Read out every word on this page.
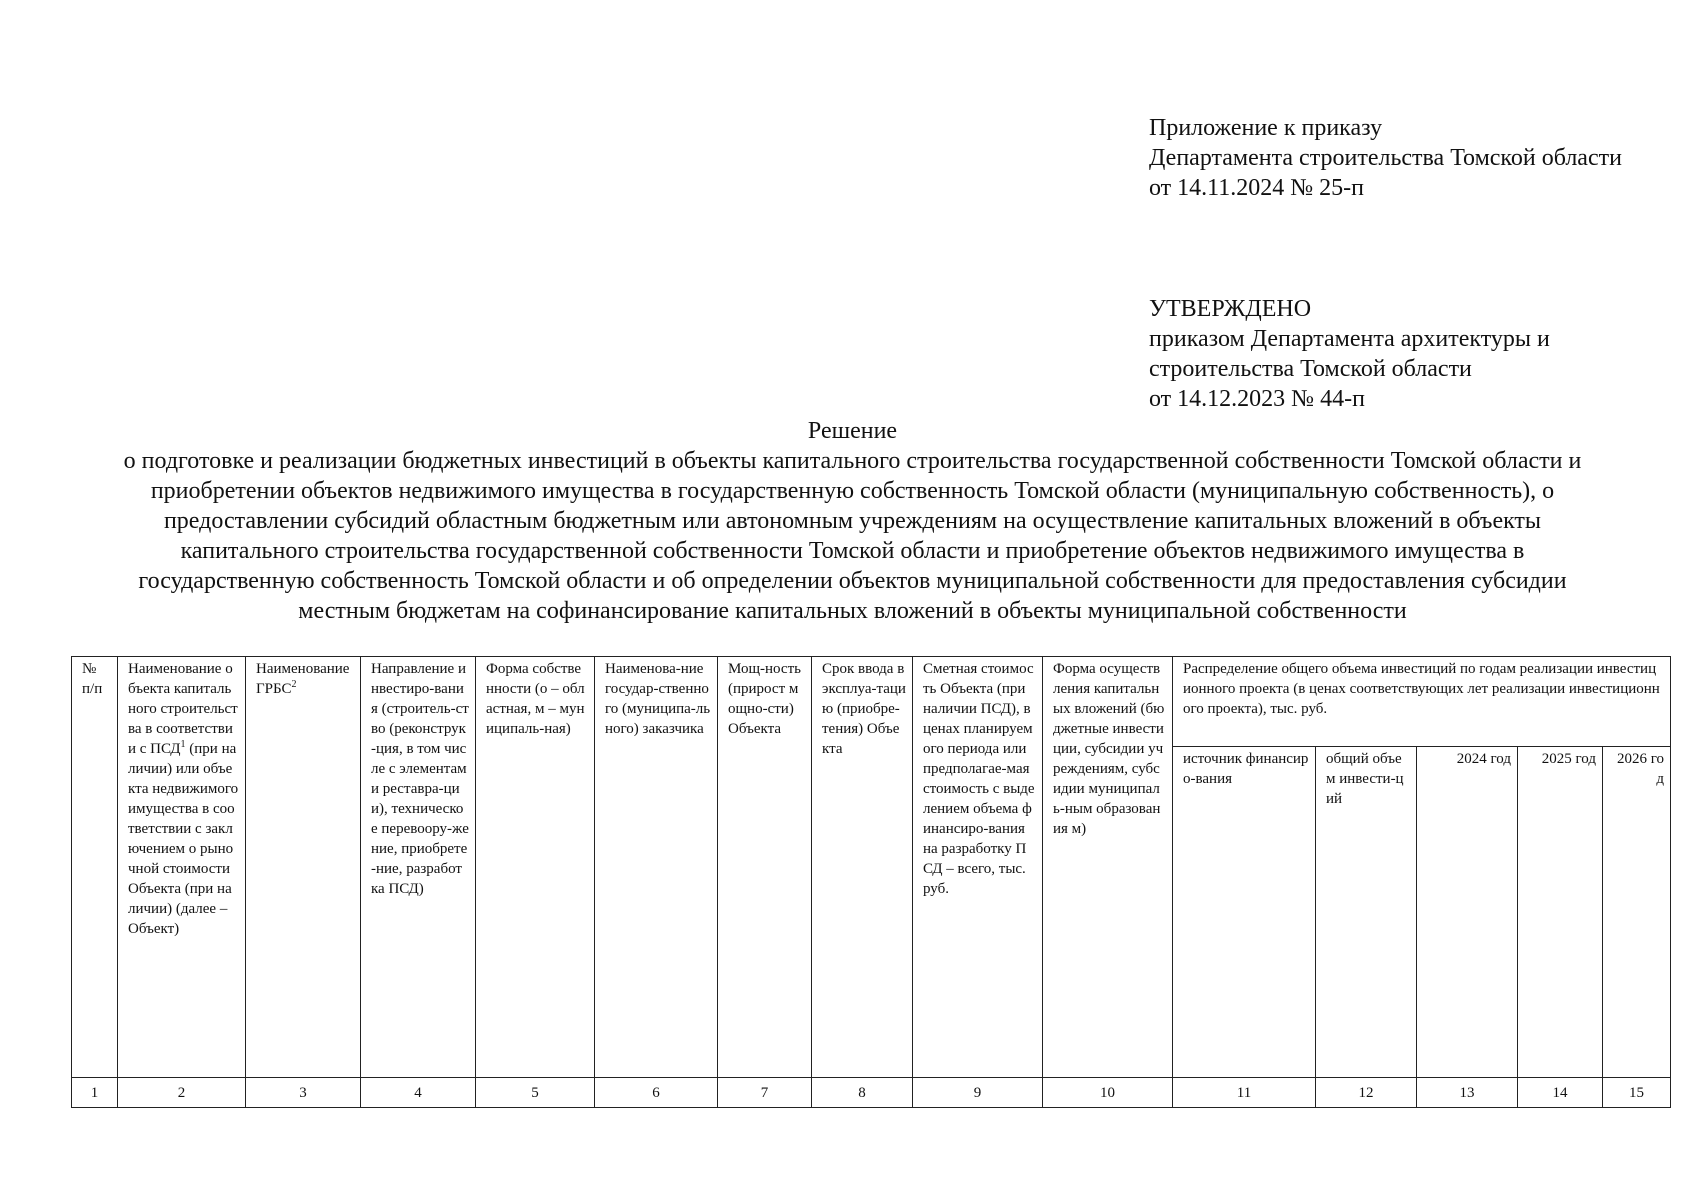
Приложение к приказу
Департамента строительства Томской области
от 14.11.2024 № 25-п
УТВЕРЖДЕНО
приказом Департамента архитектуры и
строительства Томской области
от 14.12.2023 № 44-п
Решение
о подготовке и реализации бюджетных инвестиций в объекты капитального строительства государственной собственности Томской области и приобретении объектов недвижимого имущества в государственную собственность Томской области (муниципальную собственность), о предоставлении субсидий областным бюджетным или автономным учреждениям на осуществление капитальных вложений в объекты капитального строительства государственной собственности Томской области и приобретение объектов недвижимого имущества в государственную собственность Томской области и об определении объектов муниципальной собственности для предоставления субсидии местным бюджетам на софинансирование капитальных вложений в объекты муниципальной собственности
№ п/п	Наименование объекта капитального строительства в соответствии с ПСД$^1$ (при наличии) или объекта недвижимого имущества в соответствии с заключением о рыночной стоимости Объекта (при наличии) (далее – Объект)	Наименование ГРБС$^2$	Направление инвестиро-вания (строитель-ство (реконструк-ция, в том числе с элементами реставра-ции), техническое перевоору-жение, приобрете-ние, разработка ПСД)	Форма собственности (о – областная, м – муниципаль-ная)	Наименова-ние государ-ственного (муниципа-льного) заказчика	Мощ-ность (прирост мощно-сти) Объекта	Срок ввода в эксплуа-тацию (приобре-тения) Объекта	Сметная стоимость Объекта (при наличии ПСД), в ценах планируемого периода или предполагае-мая стоимость с выделением объема финансиро-вания на разработку ПСД – всего, тыс. руб.	Форма осуществления капитальных вложений (бюджетные инвестиции, субсидии учреждениям, субсидии муниципаль-ным образования м)	Распределение общего объема инвестиций по годам реализации инвестиционного проекта (в ценах соответствующих лет реализации инвестиционного проекта), тыс. руб.				
										источник финансиро-вания	общий объем инвести-ций	2024 год	2025 год	2026 год
1	2	3	4	5	6	7	8	9	10	11	12	13	14	15
